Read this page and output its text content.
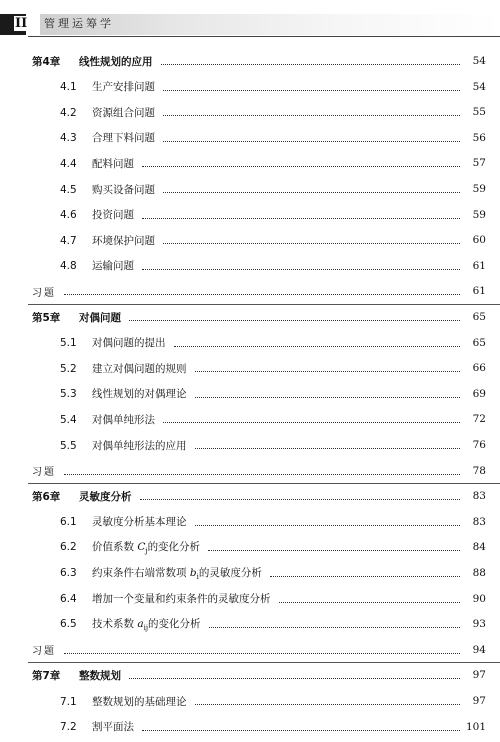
II 管理运筹学
第4章 线性规划的应用	54
4.1 生产安排问题	54
4.2 资源组合问题	55
4.3 合理下料问题	56
4.4 配料问题	57
4.5 购买设备问题	59
4.6 投资问题	59
4.7 环境保护问题	60
4.8 运输问题	61
习题	61
第5章 对偶问题	65
5.1 对偶问题的提出	65
5.2 建立对偶问题的规则	66
5.3 线性规划的对偶理论	69
5.4 对偶单纯形法	72
5.5 对偶单纯形法的应用	76
习题	78
第6章 灵敏度分析	83
6.1 灵敏度分析基本理论	83
6.2 价值系数 $C_j$的变化分析	84
6.3 约束条件右端常数项 $b_i$的灵敏度分析	88
6.4 增加一个变量和约束条件的灵敏度分析	90
6.5 技术系数 $a_{ij}$的变化分析	93
习题	94
第7章 整数规划	97
7.1 整数规划的基础理论	97
7.2 割平面法	101
